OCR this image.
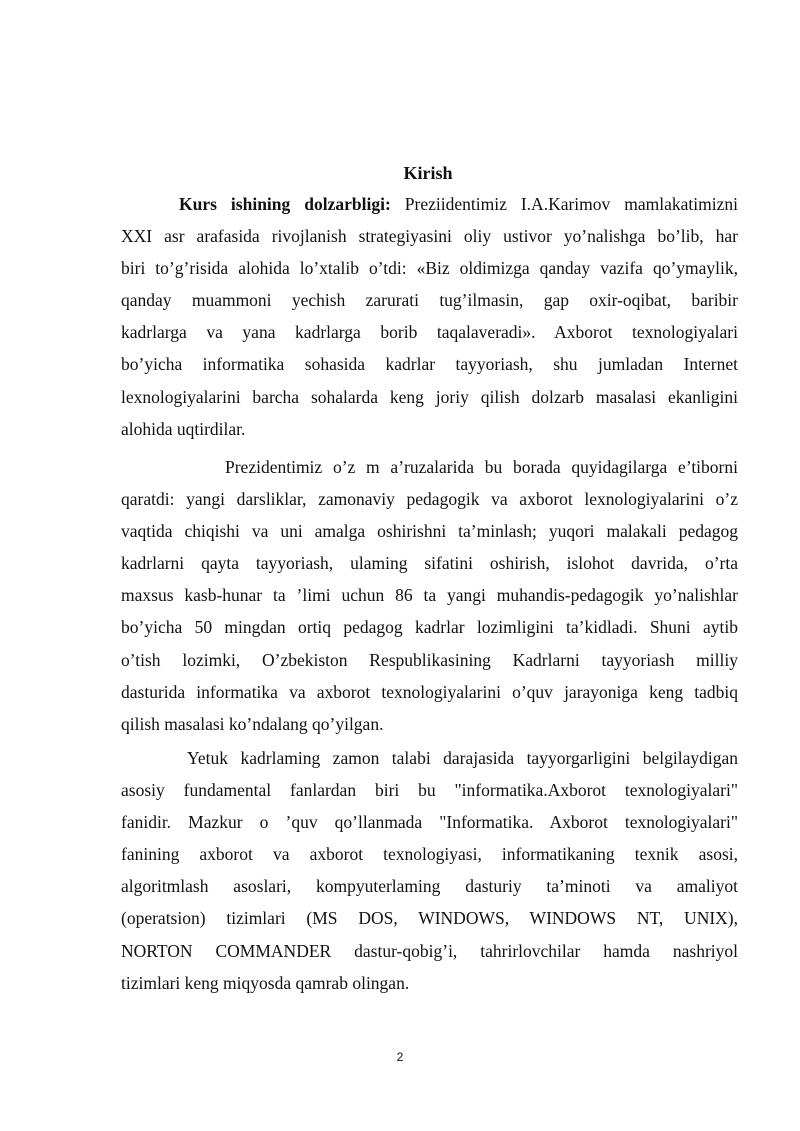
Kirish
Kurs ishining dolzarbligi: Preziidentimiz I.A.Karimov mamlakatimizni
XXI asr arafasida rivojlanish strategiyasini oliy ustivor yo’nalishga bo’lib, har
biri to’g’risida alohida lo’xtalib o’tdi: «Biz oldimizga qanday vazifa qo’ymaylik,
qanday muammoni yechish zarurati tug’ilmasin, gap oxir-oqibat, baribir
kadrlarga va yana kadrlarga borib taqalaveradi». Axborot texnologiyalari
bo’yicha informatika sohasida kadrlar tayyoriash, shu jumladan Internet
lexnologiyalarini barcha sohalarda keng joriy qilish dolzarb masalasi ekanligini
alohida uqtirdilar.
Prezidentimiz o’z m a’ruzalarida bu borada quyidagilarga e’tiborni
qaratdi: yangi darsliklar, zamonaviy pedagogik va axborot lexnologiyalarini o’z
vaqtida chiqishi va uni amalga oshirishni ta’minlash; yuqori malakali pedagog
kadrlarni qayta tayyoriash, ulaming sifatini oshirish, islohot davrida, o’rta
maxsus kasb-hunar ta ’limi uchun 86 ta yangi muhandis-pedagogik yo’nalishlar
bo’yicha 50 mingdan ortiq pedagog kadrlar lozimligini ta’kidladi. Shuni aytib
o’tish lozimki, O’zbekiston Respublikasining Kadrlarni tayyoriash milliy
dasturida informatika va axborot texnologiyalarini o’quv jarayoniga keng tadbiq
qilish masalasi ko’ndalang qo’yilgan.
Yetuk kadrlaming zamon talabi darajasida tayyorgarligini belgilaydigan
asosiy fundamental fanlardan biri bu "informatika.Axborot texnologiyalari"
fanidir. Mazkur o ’quv qo’llanmada "Informatika. Axborot texnologiyalari"
fanining axborot va axborot texnologiyasi, informatikaning texnik asosi,
algoritmlash asoslari, kompyuterlaming dasturiy ta’minoti va amaliyot
(operatsion) tizimlari (MS DOS, WINDOWS, WINDOWS NT, UNIX),
NORTON COMMANDER dastur-qobig’i, tahrirlovchilar hamda nashriyol
tizimlari keng miqyosda qamrab olingan.
2
